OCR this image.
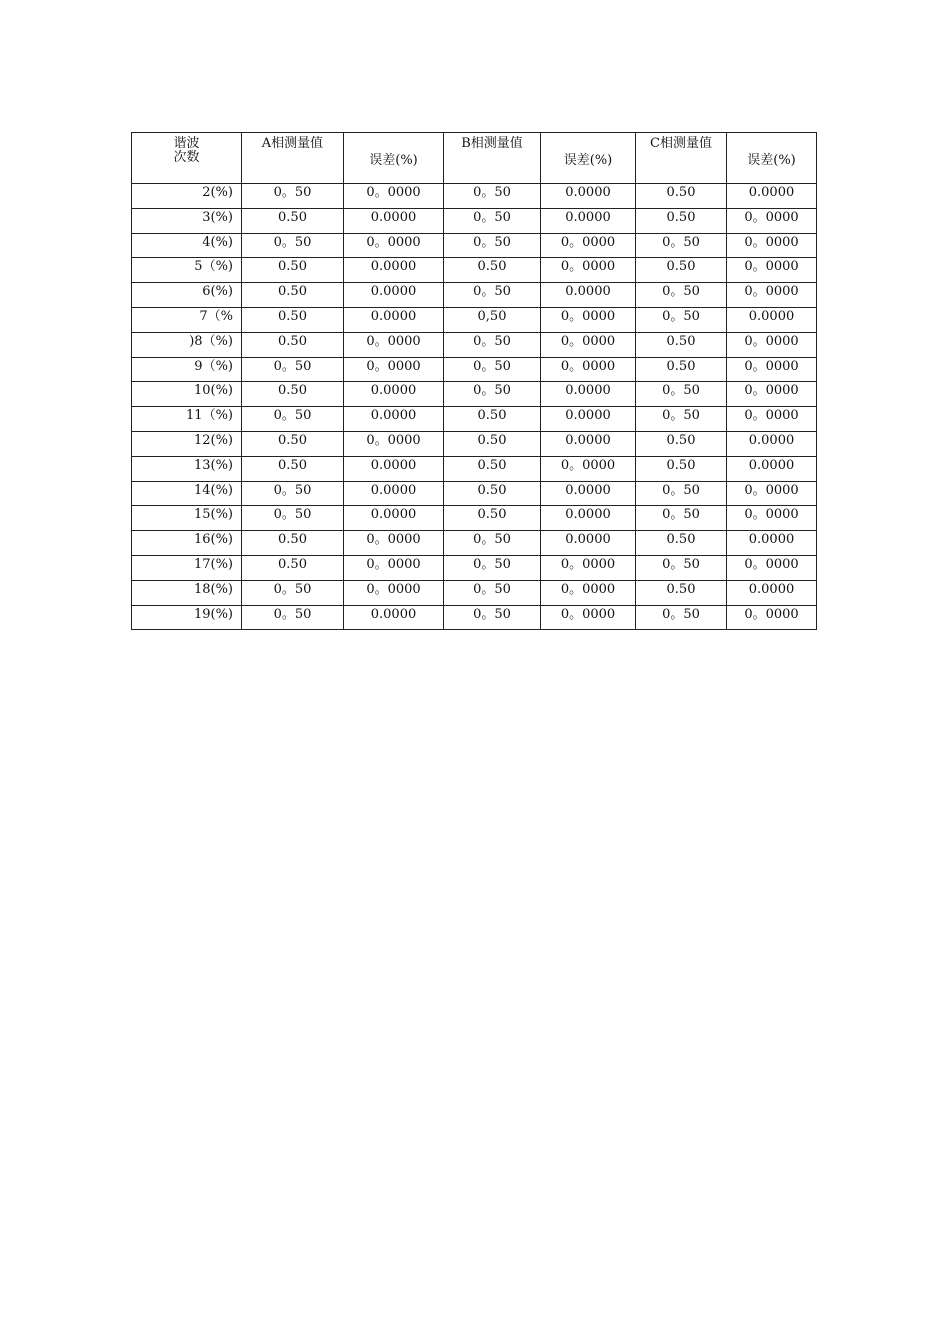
谐波
次数	A相测量值	误差(%)	B相测量值	误差(%)	C相测量值	误差(%)
2(%)	0。50	0。0000	0。50	0.0000	0.50	0.0000
3(%)	0.50	0.0000	0。50	0.0000	0.50	0。0000
4(%)	0。50	0。0000	0。50	0。0000	0。50	0。0000
5（%)	0.50	0.0000	0.50	0。0000	0.50	0。0000
6(%)	0.50	0.0000	0。50	0.0000	0。50	0。0000
7（%	0.50	0.0000	0,50	0。0000	0。50	0.0000
)8（%)	0.50	0。0000	0。50	0。0000	0.50	0。0000
9（%)	0。50	0。0000	0。50	0。0000	0.50	0。0000
10(%)	0.50	0.0000	0。50	0.0000	0。50	0。0000
11（%)	0。50	0.0000	0.50	0.0000	0。50	0。0000
12(%)	0.50	0。0000	0.50	0.0000	0.50	0.0000
13(%)	0.50	0.0000	0.50	0。0000	0.50	0.0000
14(%)	0。50	0.0000	0.50	0.0000	0。50	0。0000
15(%)	0。50	0.0000	0.50	0.0000	0。50	0。0000
16(%)	0.50	0。0000	0。50	0.0000	0.50	0.0000
17(%)	0.50	0。0000	0。50	0。0000	0。50	0。0000
18(%)	0。50	0。0000	0。50	0。0000	0.50	0.0000
19(%)	0。50	0.0000	0。50	0。0000	0。50	0。0000
